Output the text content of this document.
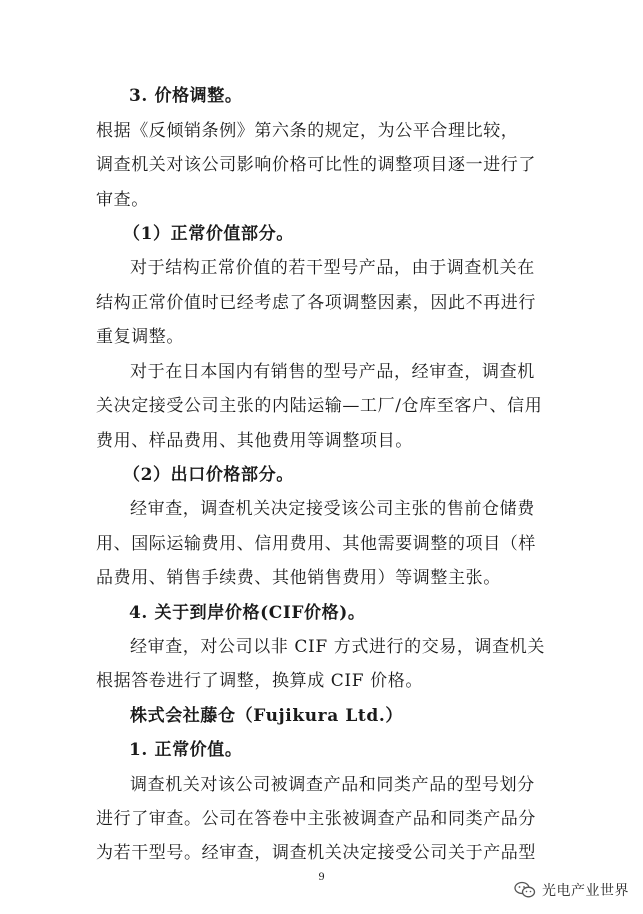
3. 价格调整。
根据《反倾销条例》第六条的规定，为公平合理比较，
调查机关对该公司影响价格可比性的调整项目逐一进行了
审查。
（1）正常价值部分。
对于结构正常价值的若干型号产品，由于调查机关在
结构正常价值时已经考虑了各项调整因素，因此不再进行
重复调整。
对于在日本国内有销售的型号产品，经审查，调查机
关决定接受公司主张的内陆运输—工厂/仓库至客户、信用
费用、样品费用、其他费用等调整项目。
（2）出口价格部分。
经审查，调查机关决定接受该公司主张的售前仓储费
用、国际运输费用、信用费用、其他需要调整的项目（样
品费用、销售手续费、其他销售费用）等调整主张。
4. 关于到岸价格(CIF价格)。
经审查，对公司以非 CIF 方式进行的交易，调查机关
根据答卷进行了调整，换算成 CIF 价格。
株式会社藤仓（Fujikura Ltd.）
1. 正常价值。
调查机关对该公司被调查产品和同类产品的型号划分
进行了审查。公司在答卷中主张被调查产品和同类产品分
为若干型号。经审查，调查机关决定接受公司关于产品型
9
光电产业世界
